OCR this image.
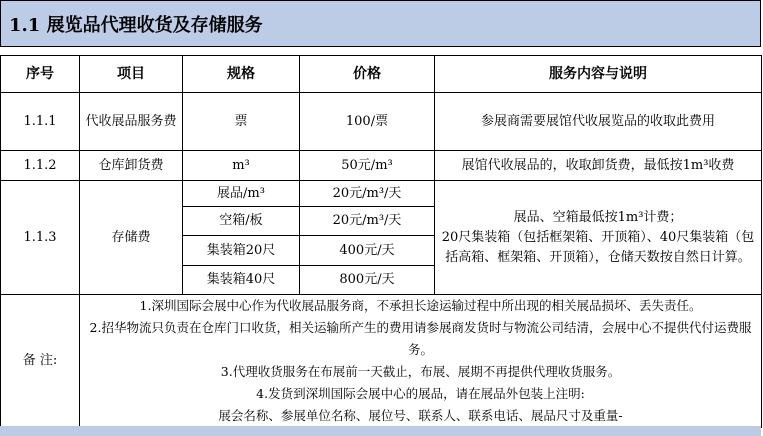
1.1 展览品代理收货及存储服务
序号	项目	规格	价格	服务内容与说明
1.1.1	代收展品服务费	票	100/票	参展商需要展馆代收展览品的收取此费用
1.1.2	仓库卸货费	m³	50元/m³	展馆代收展品的，收取卸货费，最低按1m³收费
1.1.3	存储费	展品/m³	20元/m³/天	展品、空箱最低按1m³计费；
20尺集装箱（包括框架箱、开顶箱）、40尺集装箱（包括高箱、框架箱、开顶箱），仓储天数按自然日计算。

		空箱/板	20元/m³/天	
		集装箱20尺	400元/天	
		集装箱40尺	800元/天	
备 注:	1.深圳国际会展中心作为代收展品服务商，不承担长途运输过程中所出现的相关展品损坏、丢失责任。
2.招华物流只负责在仓库门口收货，相关运输所产生的费用请参展商发货时与物流公司结清，会展中心不提供代付运费服务。
3.代理收货服务在布展前一天截止，布展、展期不再提供代理收货服务。
4.发货到深圳国际会展中心的展品，请在展品外包装上注明:
展会名称、参展单位名称、展位号、联系人、联系电话、展品尺寸及重量-			
